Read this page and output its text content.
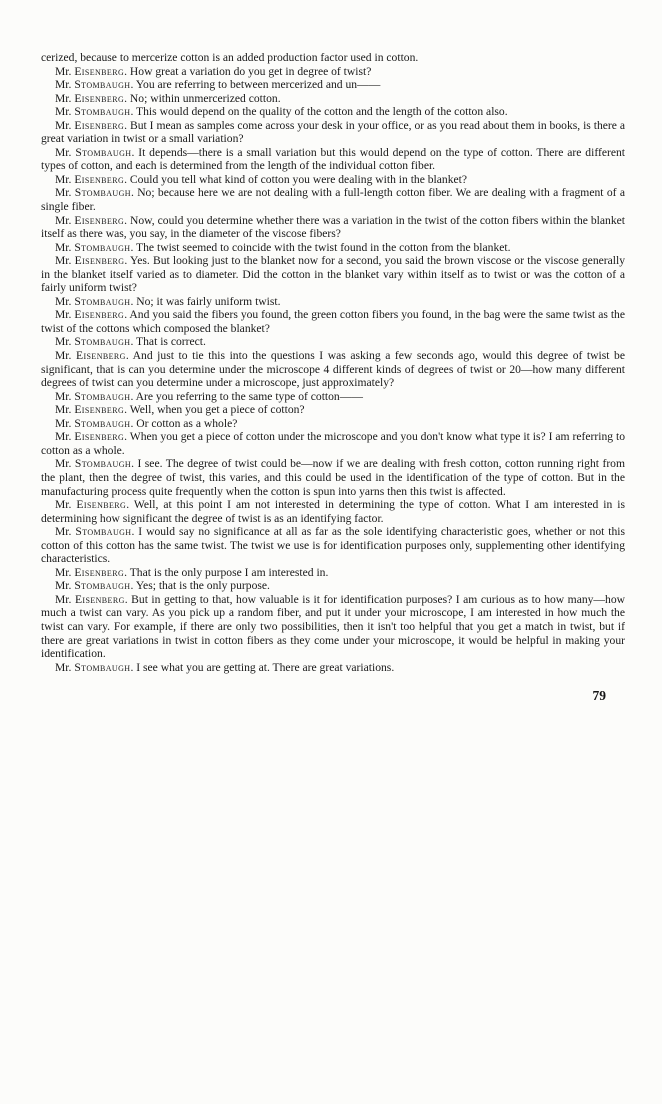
cerized, because to mercerize cotton is an added production factor used in cotton.

Mr. Eisenberg. How great a variation do you get in degree of twist?

Mr. Stombaugh. You are referring to between mercerized and un——

Mr. Eisenberg. No; within unmercerized cotton.

Mr. Stombaugh. This would depend on the quality of the cotton and the length of the cotton also.

Mr. Eisenberg. But I mean as samples come across your desk in your office, or as you read about them in books, is there a great variation in twist or a small variation?

Mr. Stombaugh. It depends—there is a small variation but this would depend on the type of cotton. There are different types of cotton, and each is determined from the length of the individual cotton fiber.

Mr. Eisenberg. Could you tell what kind of cotton you were dealing with in the blanket?

Mr. Stombaugh. No; because here we are not dealing with a full-length cotton fiber. We are dealing with a fragment of a single fiber.

Mr. Eisenberg. Now, could you determine whether there was a variation in the twist of the cotton fibers within the blanket itself as there was, you say, in the diameter of the viscose fibers?

Mr. Stombaugh. The twist seemed to coincide with the twist found in the cotton from the blanket.

Mr. Eisenberg. Yes. But looking just to the blanket now for a second, you said the brown viscose or the viscose generally in the blanket itself varied as to diameter. Did the cotton in the blanket vary within itself as to twist or was the cotton of a fairly uniform twist?

Mr. Stombaugh. No; it was fairly uniform twist.

Mr. Eisenberg. And you said the fibers you found, the green cotton fibers you found, in the bag were the same twist as the twist of the cottons which composed the blanket?

Mr. Stombaugh. That is correct.

Mr. Eisenberg. And just to tie this into the questions I was asking a few seconds ago, would this degree of twist be significant, that is can you determine under the microscope 4 different kinds of degrees of twist or 20—how many different degrees of twist can you determine under a microscope, just approximately?

Mr. Stombaugh. Are you referring to the same type of cotton——

Mr. Eisenberg. Well, when you get a piece of cotton?

Mr. Stombaugh. Or cotton as a whole?

Mr. Eisenberg. When you get a piece of cotton under the microscope and you don't know what type it is? I am referring to cotton as a whole.

Mr. Stombaugh. I see. The degree of twist could be—now if we are dealing with fresh cotton, cotton running right from the plant, then the degree of twist, this varies, and this could be used in the identification of the type of cotton. But in the manufacturing process quite frequently when the cotton is spun into yarns then this twist is affected.

Mr. Eisenberg. Well, at this point I am not interested in determining the type of cotton. What I am interested in is determining how significant the degree of twist is as an identifying factor.

Mr. Stombaugh. I would say no significance at all as far as the sole identifying characteristic goes, whether or not this cotton of this cotton has the same twist. The twist we use is for identification purposes only, supplementing other identifying characteristics.

Mr. Eisenberg. That is the only purpose I am interested in.

Mr. Stombaugh. Yes; that is the only purpose.

Mr. Eisenberg. But in getting to that, how valuable is it for identification purposes? I am curious as to how many—how much a twist can vary. As you pick up a random fiber, and put it under your microscope, I am interested in how much the twist can vary. For example, if there are only two possibilities, then it isn't too helpful that you get a match in twist, but if there are great variations in twist in cotton fibers as they come under your microscope, it would be helpful in making your identification.

Mr. Stombaugh. I see what you are getting at. There are great variations.

79
